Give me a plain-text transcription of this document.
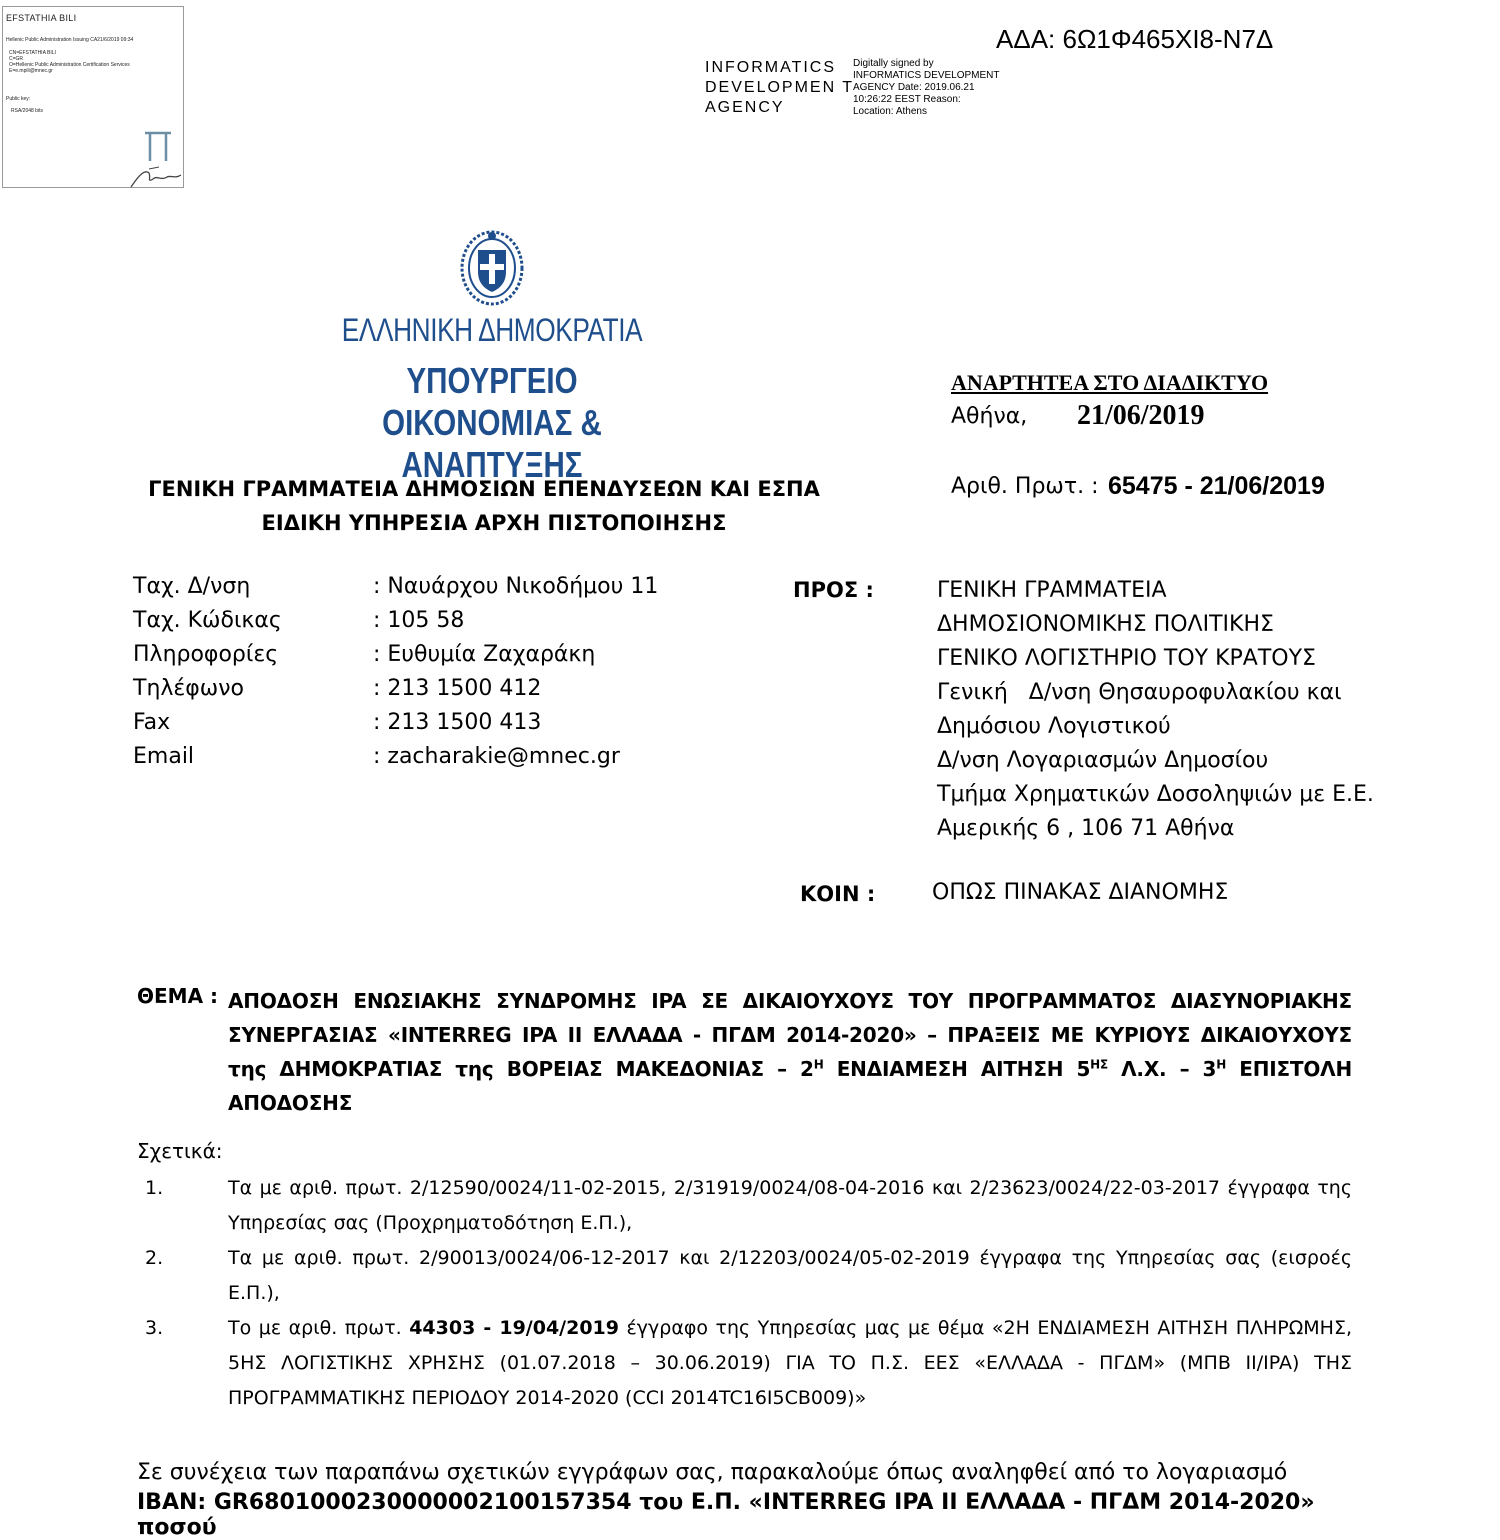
EFSTATHIA BILI
Hellenic Public Administration Issuing CA21/6/2019 09:34
CN=EFSTATHIA BILI
C=GR
O=Hellenic Public Administration Certification Services
E=e.mpili@mnec.gr
Public key:
RSA/2048 bits
ΑΔΑ: 6Ω1Φ465ΧΙ8-Ν7Δ
INFORMATICS DEVELOPMEN T AGENCY
Digitally signed by INFORMATICS DEVELOPMENT AGENCY Date: 2019.06.21 10:26:22 EEST Reason: Location: Athens
ΕΛΛΗΝΙΚΗ ΔΗΜΟΚΡΑΤΙΑ
ΥΠΟΥΡΓΕΙΟ
ΟΙΚΟΝΟΜΙΑΣ & ΑΝΑΠΤΥΞΗΣ
ΑΝΑΡΤΗΤΕΑ ΣΤΟ ΔΙΑΔΙΚΤΥΟ
Αθήνα, 21/06/2019
Αριθ. Πρωτ. : 65475 - 21/06/2019
ΓΕΝΙΚΗ ΓΡΑΜΜΑΤΕΙΑ ΔΗΜΟΣΙΩΝ ΕΠΕΝΔΥΣΕΩΝ ΚΑΙ ΕΣΠΑ
ΕΙΔΙΚΗ ΥΠΗΡΕΣΙΑ ΑΡΧΗ ΠΙΣΤΟΠΟΙΗΣΗΣ
Ταχ. Δ/νση	: Ναυάρχου Νικοδήμου 11
Ταχ. Κώδικας	: 105 58
Πληροφορίες	: Ευθυμία Ζαχαράκη
Τηλέφωνο	: 213 1500 412
Fax	: 213 1500 413
Email	: zacharakie@mnec.gr
ΠΡΟΣ :	ΓΕΝΙΚΗ ΓΡΑΜΜΑΤΕΙΑ
ΔΗΜΟΣΙΟΝΟΜΙΚΗΣ ΠΟΛΙΤΙΚΗΣ
ΓΕΝΙΚΟ ΛΟΓΙΣΤΗΡΙΟ ΤΟΥ ΚΡΑΤΟΥΣ
Γενική   Δ/νση Θησαυροφυλακίου και
Δημόσιου Λογιστικού
Δ/νση Λογαριασμών Δημοσίου
Τμήμα Χρηματικών Δοσοληψιών με Ε.Ε.
Αμερικής 6 , 106 71 Αθήνα
ΚΟΙΝ :	ΟΠΩΣ ΠΙΝΑΚΑΣ ΔΙΑΝΟΜΗΣ
ΘΕΜΑ : ΑΠΟΔΟΣΗ ΕΝΩΣΙΑΚΗΣ ΣΥΝΔΡΟΜΗΣ IPA ΣΕ ΔΙΚΑΙΟΥΧΟΥΣ ΤΟΥ ΠΡΟΓΡΑΜΜΑΤΟΣ ΔΙΑΣΥΝΟΡΙΑΚΗΣ ΣΥΝΕΡΓΑΣΙΑΣ «INTERREG IPA II ΕΛΛΑΔΑ - ΠΓΔΜ 2014-2020» – ΠΡΑΞΕΙΣ ΜΕ ΚΥΡΙΟΥΣ ΔΙΚΑΙΟΥΧΟΥΣ της ΔΗΜΟΚΡΑΤΙΑΣ της ΒΟΡΕΙΑΣ ΜΑΚΕΔΟΝΙΑΣ – $2^H$ ΕΝΔΙΑΜΕΣΗ ΑΙΤΗΣΗ $5^{H\Sigma}$ Λ.Χ. – $3^H$ ΕΠΙΣΤΟΛΗ ΑΠΟΔΟΣΗΣ
Σχετικά:
1.	Τα με αριθ. πρωτ. 2/12590/0024/11-02-2015, 2/31919/0024/08-04-2016 και 2/23623/0024/22-03-2017 έγγραφα της Υπηρεσίας σας (Προχρηματοδότηση Ε.Π.),
2.	Τα με αριθ. πρωτ. 2/90013/0024/06-12-2017 και 2/12203/0024/05-02-2019 έγγραφα της Υπηρεσίας σας (εισροές Ε.Π.),
3.	Το με αριθ. πρωτ. 44303 - 19/04/2019 έγγραφο της Υπηρεσίας μας με θέμα «2Η ΕΝΔΙΑΜΕΣΗ ΑΙΤΗΣΗ ΠΛΗΡΩΜΗΣ, 5ΗΣ ΛΟΓΙΣΤΙΚΗΣ ΧΡΗΣΗΣ (01.07.2018 – 30.06.2019) ΓΙΑ ΤΟ Π.Σ. ΕΕΣ «ΕΛΛΑΔΑ - ΠΓΔΜ» (ΜΠΒ II/IPA) ΤΗΣ ΠΡΟΓΡΑΜΜΑΤΙΚΗΣ ΠΕΡΙΟΔΟΥ 2014-2020 (CCI 2014TC16I5CB009)»
Σε συνέχεια των παραπάνω σχετικών εγγράφων σας, παρακαλούμε όπως αναληφθεί από το λογαριασμό
IBAN: GR6801000230000002100157354 του Ε.Π. «INTERREG IPA II ΕΛΛΑΔΑ - ΠΓΔΜ 2014-2020» ποσού
